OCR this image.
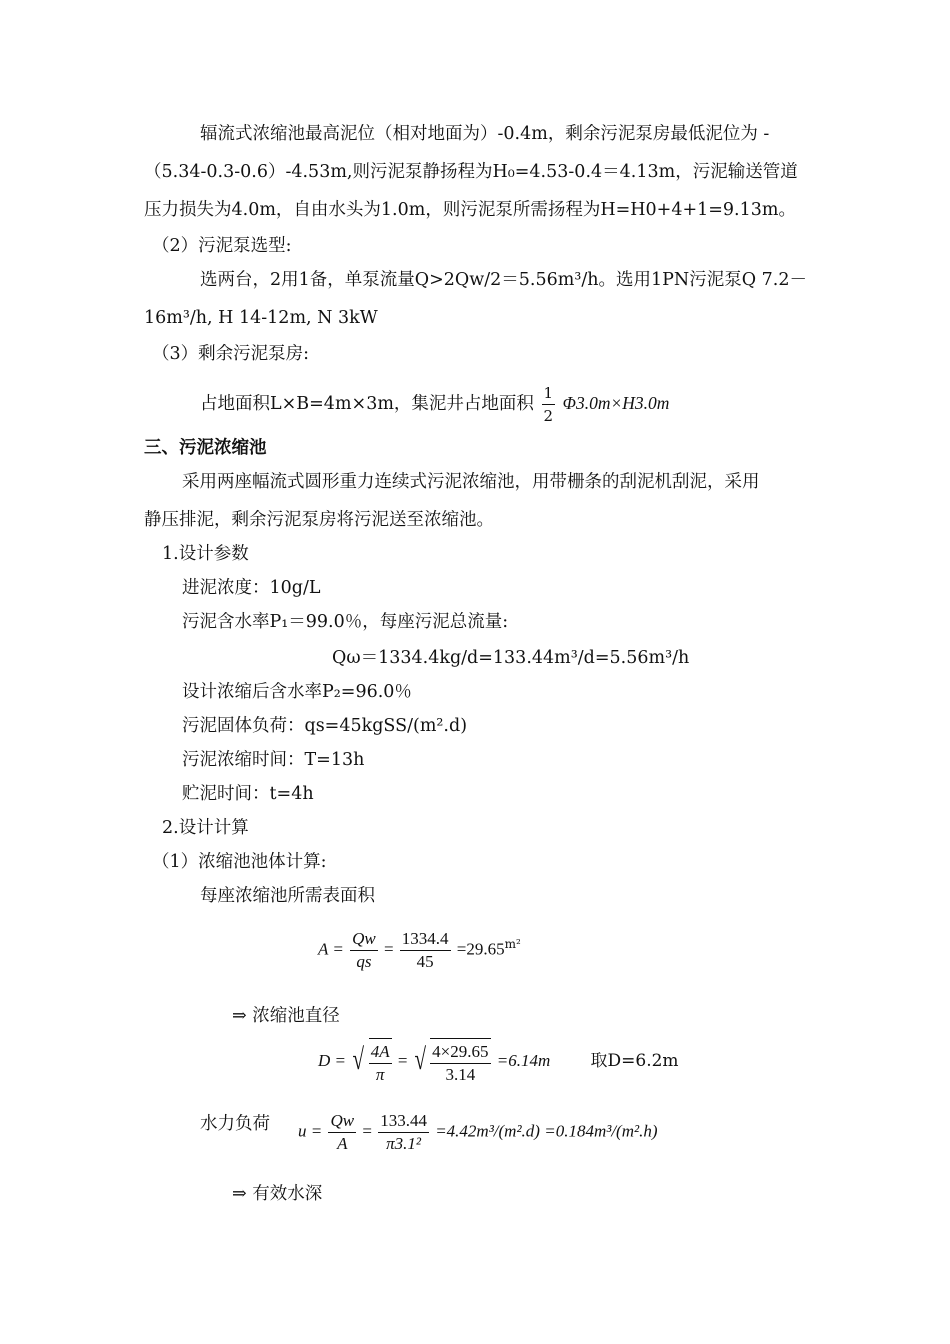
辐流式浓缩池最高泥位（相对地面为）-0.4m，剩余污泥泵房最低泥位为 -
（5.34-0.3-0.6）-4.53m,则污泥泵静扬程为H₀=4.53-0.4＝4.13m，污泥输送管道
压力损失为4.0m，自由水头为1.0m，则污泥泵所需扬程为H=H0+4+1=9.13m。
（2）污泥泵选型:
选两台，2用1备，单泵流量Q>2Qw/2＝5.56m³/h。选用1PN污泥泵Q 7.2－
16m³/h, H 14-12m, N 3kW
（3）剩余污泥泵房:
占地面积L×B=4m×3m，集泥井占地面积 $\frac{1}{2} \Phi 3.0m\times H3.0m$
三、污泥浓缩池
采用两座幅流式圆形重力连续式污泥浓缩池，用带栅条的刮泥机刮泥，采用
静压排泥，剩余污泥泵房将污泥送至浓缩池。
1.设计参数
进泥浓度：10g/L
污泥含水率P₁＝99.0％，每座污泥总流量:
Qω＝1334.4kg/d=133.44m³/d=5.56m³/h
设计浓缩后含水率P₂=96.0％
污泥固体负荷：qs=45kgSS/(m².d)
污泥浓缩时间：T=13h
贮泥时间：t=4h
2.设计计算
（1）浓缩池池体计算:
每座浓缩池所需表面积
$A = \frac{Qw}{qs} = \frac{1334.4}{45} =29.65^{m^2}$
⇒ 浓缩池直径
D = √ $\frac{4A}{\pi}$ = √ $\frac{4\times 29.65}{3.14} =6.14m$ 取D=6.2m
水力负荷 $u = \frac{Qw}{A} = \frac{133.44}{\text{π3.1²}} =4.42m^3/(m^2.d) =0.184m^3/(m^2.h)$
⇒ 有效水深
